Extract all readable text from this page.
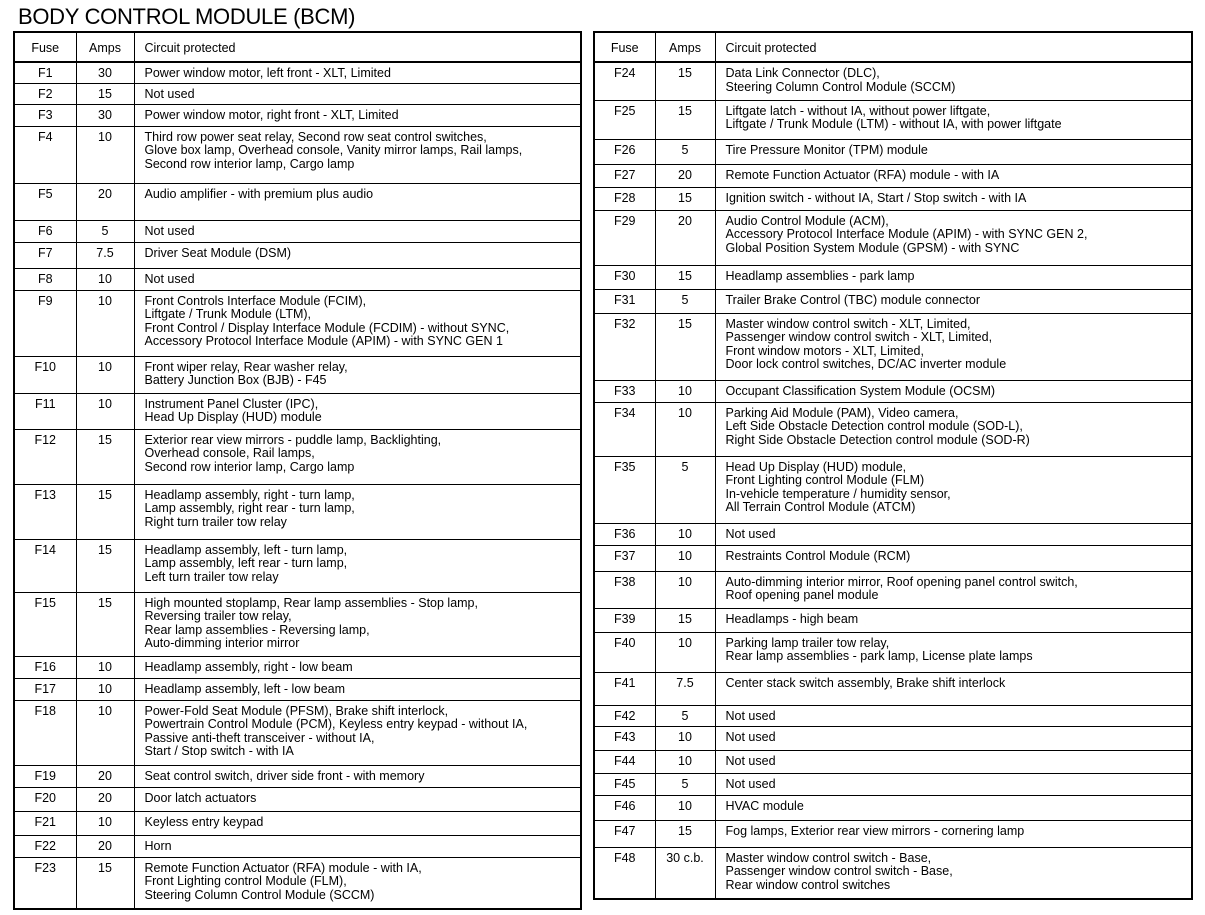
BODY CONTROL MODULE (BCM)
Fuse	Amps	Circuit protected

F1	30	Power window motor, left front - XLT, Limited

F2	15	Not used

F3	30	Power window motor, right front - XLT, Limited

F4	10	Third row power seat relay, Second row seat control switches,
Glove box lamp, Overhead console, Vanity mirror lamps, Rail lamps,
Second row interior lamp, Cargo lamp

F5	20	Audio amplifier - with premium plus audio

F6	5	Not used

F7	7.5	Driver Seat Module (DSM)

F8	10	Not used

F9	10	Front Controls Interface Module (FCIM),
Liftgate / Trunk Module (LTM),
Front Control / Display Interface Module (FCDIM) - without SYNC,
Accessory Protocol Interface Module (APIM) - with SYNC GEN 1

F10	10	Front wiper relay, Rear washer relay,
Battery Junction Box (BJB) - F45

F11	10	Instrument Panel Cluster (IPC),
Head Up Display (HUD) module

F12	15	Exterior rear view mirrors - puddle lamp, Backlighting,
Overhead console, Rail lamps,
Second row interior lamp, Cargo lamp

F13	15	Headlamp assembly, right - turn lamp,
Lamp assembly, right rear - turn lamp,
Right turn trailer tow relay

F14	15	Headlamp assembly, left - turn lamp,
Lamp assembly, left rear - turn lamp,
Left turn trailer tow relay

F15	15	High mounted stoplamp, Rear lamp assemblies - Stop lamp,
Reversing trailer tow relay,
Rear lamp assemblies - Reversing lamp,
Auto-dimming interior mirror

F16	10	Headlamp assembly, right - low beam

F17	10	Headlamp assembly, left - low beam

F18	10	Power-Fold Seat Module (PFSM), Brake shift interlock,
Powertrain Control Module (PCM), Keyless entry keypad - without IA,
Passive anti-theft transceiver - without IA,
Start / Stop switch - with IA

F19	20	Seat control switch, driver side front - with memory

F20	20	Door latch actuators

F21	10	Keyless entry keypad

F22	20	Horn

F23	15	Remote Function Actuator (RFA) module - with IA,
Front Lighting control Module (FLM),
Steering Column Control Module (SCCM)
Fuse	Amps	Circuit protected

F24	15	Data Link Connector (DLC),
Steering Column Control Module (SCCM)

F25	15	Liftgate latch - without IA, without power liftgate,
Liftgate / Trunk Module (LTM) - without IA, with power liftgate

F26	5	Tire Pressure Monitor (TPM) module

F27	20	Remote Function Actuator (RFA) module - with IA

F28	15	Ignition switch - without IA, Start / Stop switch - with IA

F29	20	Audio Control Module (ACM),
Accessory Protocol Interface Module (APIM) - with SYNC GEN 2,
Global Position System Module (GPSM) - with SYNC

F30	15	Headlamp assemblies - park lamp

F31	5	Trailer Brake Control (TBC) module connector

F32	15	Master window control switch - XLT, Limited,
Passenger window control switch - XLT, Limited,
Front window motors - XLT, Limited,
Door lock control switches, DC/AC inverter module

F33	10	Occupant Classification System Module (OCSM)

F34	10	Parking Aid Module (PAM), Video camera,
Left Side Obstacle Detection control module (SOD-L),
Right Side Obstacle Detection control module (SOD-R)

F35	5	Head Up Display (HUD) module,
Front Lighting control Module (FLM)
In-vehicle temperature / humidity sensor,
All Terrain Control Module (ATCM)

F36	10	Not used

F37	10	Restraints Control Module (RCM)

F38	10	Auto-dimming interior mirror, Roof opening panel control switch,
Roof opening panel module

F39	15	Headlamps - high beam

F40	10	Parking lamp trailer tow relay,
Rear lamp assemblies - park lamp, License plate lamps

F41	7.5	Center stack switch assembly, Brake shift interlock

F42	5	Not used

F43	10	Not used

F44	10	Not used

F45	5	Not used

F46	10	HVAC module

F47	15	Fog lamps, Exterior rear view mirrors - cornering lamp

F48	30 c.b.	Master window control switch - Base,
Passenger window control switch - Base,
Rear window control switches
